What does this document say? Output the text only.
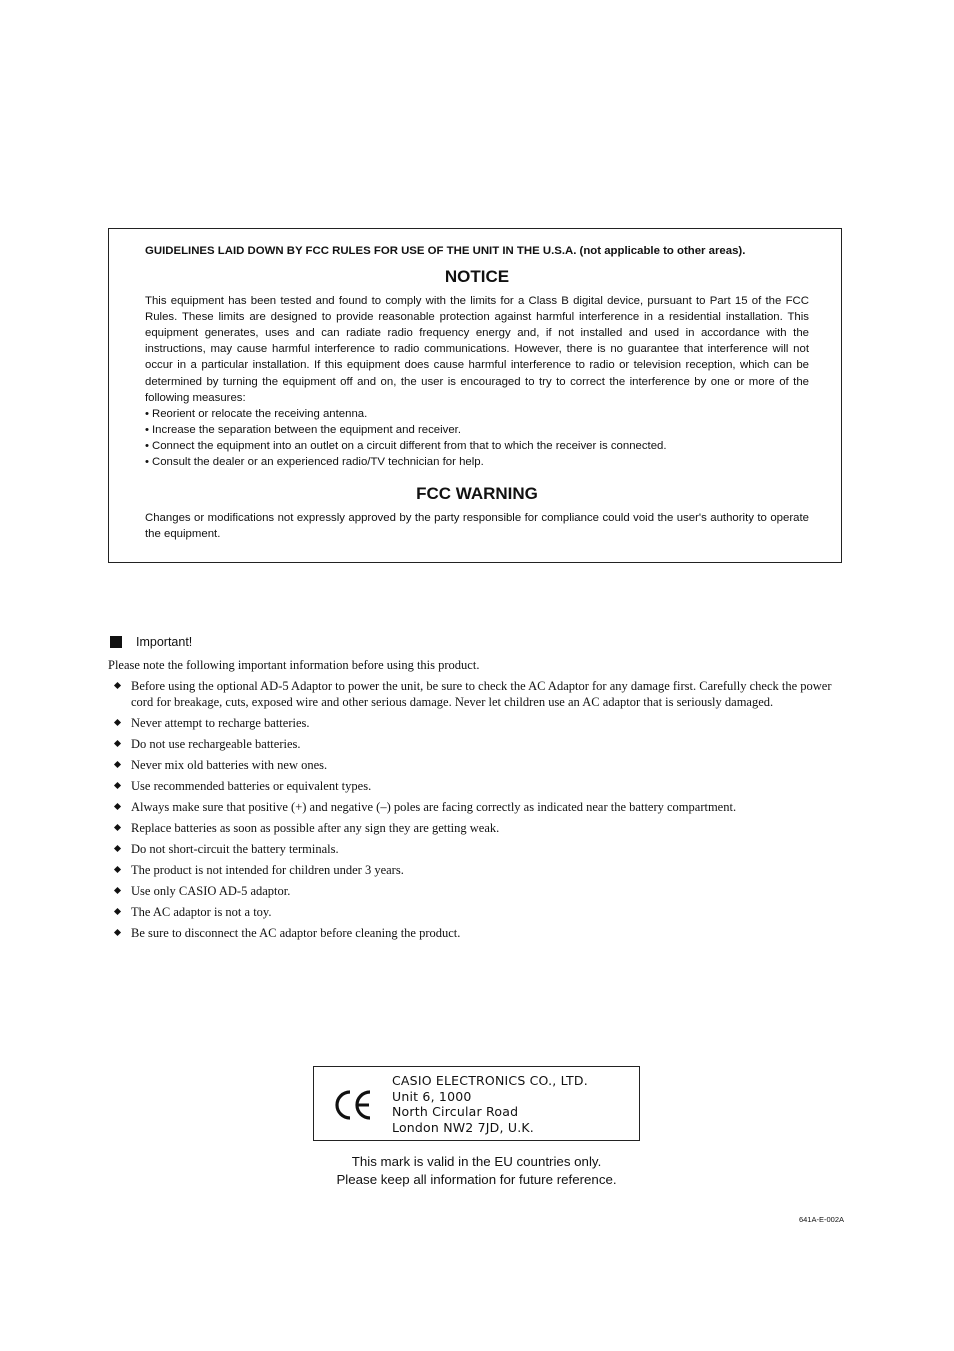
GUIDELINES LAID DOWN BY FCC RULES FOR USE OF THE UNIT IN THE U.S.A. (not applicable to other areas).
NOTICE
This equipment has been tested and found to comply with the limits for a Class B digital device, pursuant to Part 15 of the FCC Rules. These limits are designed to provide reasonable protection against harmful interference in a residential installation. This equipment generates, uses and can radiate radio frequency energy and, if not installed and used in accordance with the instructions, may cause harmful interference to radio communications. However, there is no guarantee that interference will not occur in a particular installation. If this equipment does cause harmful interference to radio or television reception, which can be determined by turning the equipment off and on, the user is encouraged to try to correct the interference by one or more of the following measures:
• Reorient or relocate the receiving antenna.
• Increase the separation between the equipment and receiver.
• Connect the equipment into an outlet on a circuit different from that to which the receiver is connected.
• Consult the dealer or an experienced radio/TV technician for help.
FCC WARNING
Changes or modifications not expressly approved by the party responsible for compliance could void the user's authority to operate the equipment.
Important!
Please note the following important information before using this product.
Before using the optional AD-5 Adaptor to power the unit, be sure to check the AC Adaptor for any damage first. Carefully check the power cord for breakage, cuts, exposed wire and other serious damage. Never let children use an AC adaptor that is seriously damaged.
Never attempt to recharge batteries.
Do not use rechargeable batteries.
Never mix old batteries with new ones.
Use recommended batteries or equivalent types.
Always make sure that positive (+) and negative (–) poles are facing correctly as indicated near the battery compartment.
Replace batteries as soon as possible after any sign they are getting weak.
Do not short-circuit the battery terminals.
The product is not intended for children under 3 years.
Use only CASIO AD-5 adaptor.
The AC adaptor is not a toy.
Be sure to disconnect the AC adaptor before cleaning the product.
CASIO ELECTRONICS CO., LTD.
Unit 6, 1000
North Circular Road
London NW2 7JD, U.K.
This mark is valid in the EU countries only.
Please keep all information for future reference.
641A-E-002A
